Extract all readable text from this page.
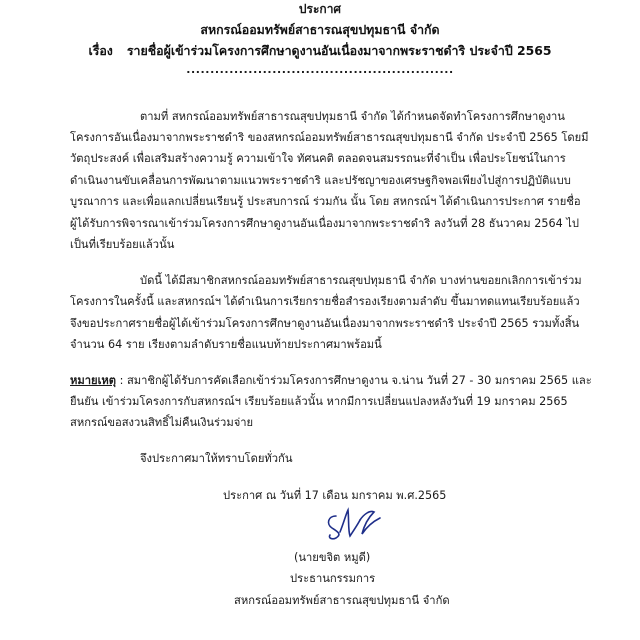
ประกาศ
สหกรณ์ออมทรัพย์สาธารณสุขปทุมธานี จำกัด
เรื่อง รายชื่อผู้เข้าร่วมโครงการศึกษาดูงานอันเนื่องมาจากพระราชดำริ ประจำปี 2565
........................................................
ตามที่ สหกรณ์ออมทรัพย์สาธารณสุขปทุมธานี จำกัด ได้กำหนดจัดทำโครงการศึกษาดูงาน
โครงการอันเนื่องมาจากพระราชดำริ ของสหกรณ์ออมทรัพย์สาธารณสุขปทุมธานี จำกัด ประจำปี 2565 โดยมี
วัตถุประสงค์ เพื่อเสริมสร้างความรู้ ความเข้าใจ ทัศนคติ ตลอดจนสมรรถนะที่จำเป็น เพื่อประโยชน์ในการ
ดำเนินงานขับเคลื่อนการพัฒนาตามแนวพระราชดำริ และปรัชญาของเศรษฐกิจพอเพียงไปสู่การปฏิบัติแบบ
บูรณาการ และเพื่อแลกเปลี่ยนเรียนรู้ ประสบการณ์ ร่วมกัน นั้น โดย สหกรณ์ฯ ได้ดำเนินการประกาศ รายชื่อ
ผู้ได้รับการพิจารณาเข้าร่วมโครงการศึกษาดูงานอันเนื่องมาจากพระราชดำริ ลงวันที่ 28 ธันวาคม 2564 ไป
เป็นที่เรียบร้อยแล้วนั้น
บัดนี้ ได้มีสมาชิกสหกรณ์ออมทรัพย์สาธารณสุขปทุมธานี จำกัด บางท่านขอยกเลิกการเข้าร่วม
โครงการในครั้งนี้ และสหกรณ์ฯ ได้ดำเนินการเรียกรายชื่อสำรองเรียงตามลำดับ ขึ้นมาทดแทนเรียบร้อยแล้ว
จึงขอประกาศรายชื่อผู้ได้เข้าร่วมโครงการศึกษาดูงานอันเนื่องมาจากพระราชดำริ ประจำปี 2565 รวมทั้งสิ้น
จำนวน 64 ราย เรียงตามลำดับรายชื่อแนบท้ายประกาศมาพร้อมนี้
หมายเหตุ : สมาชิกผู้ได้รับการคัดเลือกเข้าร่วมโครงการศึกษาดูงาน จ.น่าน วันที่ 27 - 30 มกราคม 2565 และ
ยืนยัน เข้าร่วมโครงการกับสหกรณ์ฯ เรียบร้อยแล้วนั้น หากมีการเปลี่ยนแปลงหลังวันที่ 19 มกราคม 2565
สหกรณ์ขอสงวนสิทธิ์ไม่คืนเงินร่วมจ่าย
จึงประกาศมาให้ทราบโดยทั่วกัน
ประกาศ ณ วันที่ 17 เดือน มกราคม พ.ศ.2565
(นายขจิต หมูดี)
ประธานกรรมการ
สหกรณ์ออมทรัพย์สาธารณสุขปทุมธานี จำกัด
